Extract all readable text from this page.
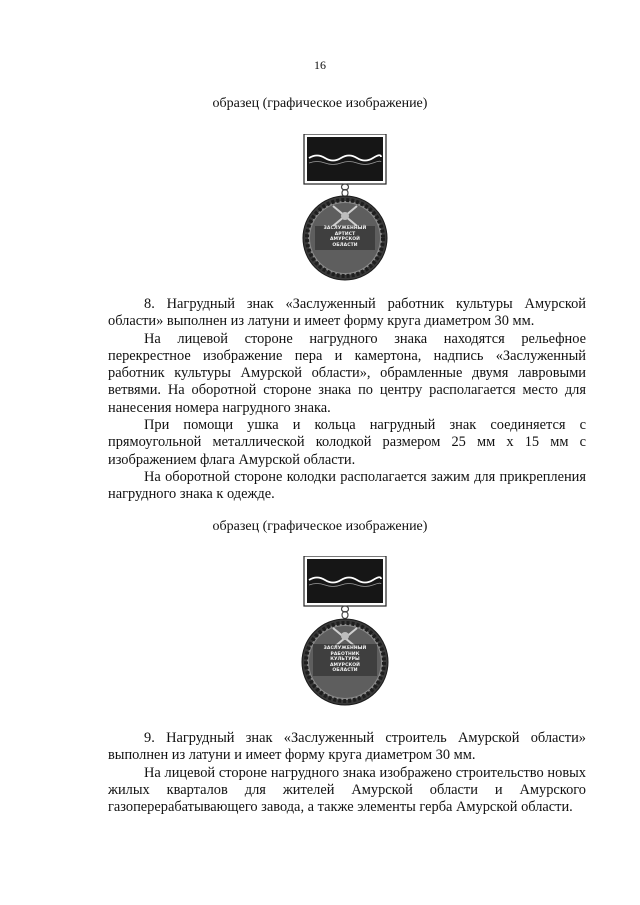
16
образец (графическое изображение)
ЗАСЛУЖЕННЫЙ
АРТИСТ
АМУРСКОЙ
ОБЛАСТИ

8. Нагрудный знак «Заслуженный работник культуры Амурской области» выполнен из латуни и имеет форму круга диаметром 30 мм.

На лицевой стороне нагрудного знака находятся рельефное перекрестное изображение пера и камертона, надпись «Заслуженный работник культуры Амурской области», обрамленные двумя лавровыми ветвями. На оборотной стороне знака по центру располагается место для нанесения номера нагрудного знака.

При помощи ушка и кольца нагрудный знак соединяется с прямоугольной металлической колодкой размером 25 мм х 15 мм с изображением флага Амурской области.

На оборотной стороне колодки располагается зажим для прикрепления нагрудного знака к одежде.

образец (графическое изображение)
ЗАСЛУЖЕННЫЙ
РАБОТНИК
КУЛЬТУРЫ
АМУРСКОЙ
ОБЛАСТИ

9. Нагрудный знак «Заслуженный строитель Амурской области» выполнен из латуни и имеет форму круга диаметром 30 мм.

На лицевой стороне нагрудного знака изображено строительство новых жилых кварталов для жителей Амурской области и Амурского газоперерабатывающего завода, а также элементы герба Амурской области.
